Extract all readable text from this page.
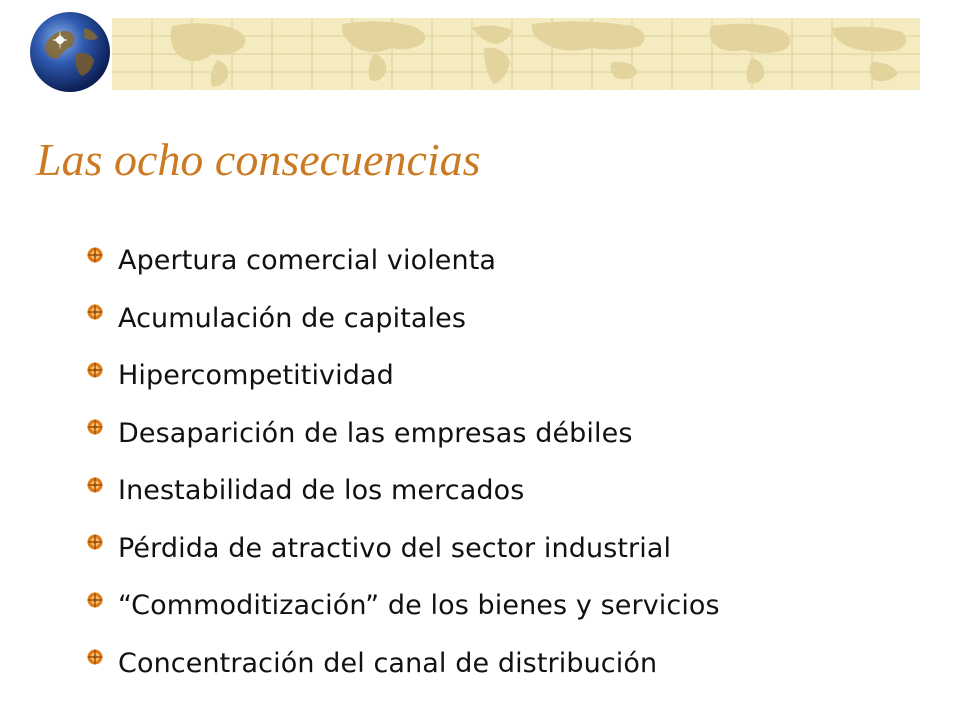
Las ocho consecuencias
Apertura comercial violenta
Acumulación de capitales
Hipercompetitividad
Desaparición de las empresas débiles
Inestabilidad de los mercados
Pérdida de atractivo del sector industrial
“Commoditización” de los bienes y servicios
Concentración del canal de distribución
